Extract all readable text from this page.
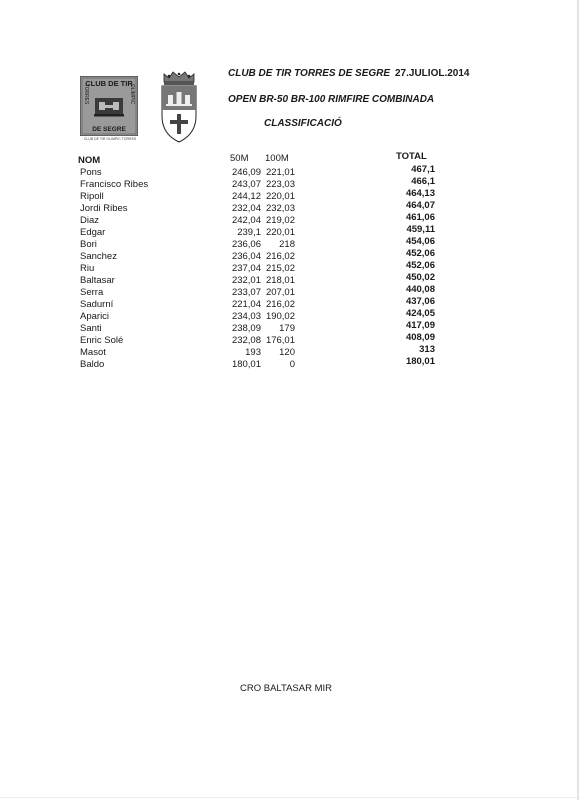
CLUB DE TIR
TORRES	OLIMPIC
DE SEGRE
CLUB DE TIR OLIMPIC TORRES
CLUB DE TIR TORRES DE SEGRE 27.JULIOL.2014
OPEN BR-50 BR-100 RIMFIRE COMBINADA
CLASSIFICACIÓ
NOM	50M 100M	TOTAL
Pons	246,09 221,01	467,1
Francisco Ribes	243,07 223,03	466,1
Ripoll	244,12 220,01	464,13
Jordi Ribes	232,04 232,03	464,07
Diaz	242,04 219,02	461,06
Edgar	239,1 220,01	459,11
Bori	236,06 218	454,06
Sanchez	236,04 216,02	452,06
Riu	237,04 215,02	452,06
Baltasar	232,01 218,01	450,02
Serra	233,07 207,01	440,08
Sadurní	221,04 216,02	437,06
Aparici	234,03 190,02	424,05
Santi	238,09 179	417,09
Enric Solé	232,08 176,01	408,09
Masot	193 120	313
Baldo	180,01	0	180,01
CRO BALTASAR MIR
